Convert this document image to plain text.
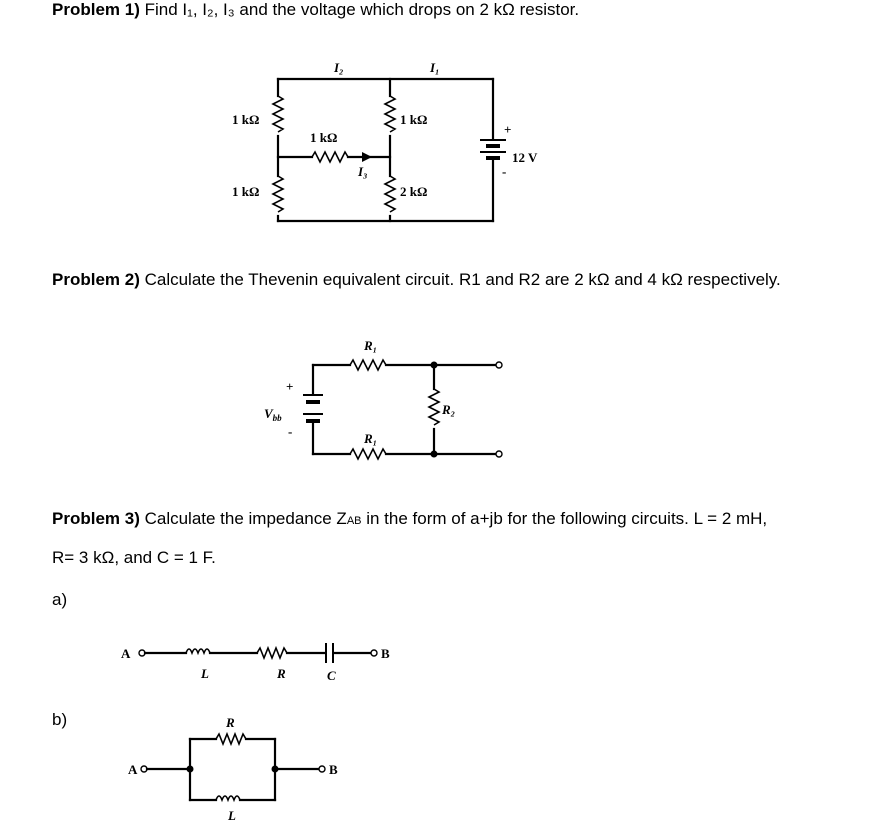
Problem 1) Find I₁, I₂, I₃ and the voltage which drops on 2 kΩ resistor.
Problem 2) Calculate the Thevenin equivalent circuit. R1 and R2 are 2 kΩ and 4 kΩ respectively.
Problem 3) Calculate the impedance ZAB in the form of a+jb for the following circuits. L = 2 mH,
R= 3 kΩ, and C = 1 F.
a)
b)
1 kΩ
1 kΩ
1 kΩ
1 kΩ
2 kΩ
12 V
+
-
I₂	I₁
I₃
R₁
R₁
R₂
$V_{bb}$
+
-
A	B
L	R	C
A	B
R
L
